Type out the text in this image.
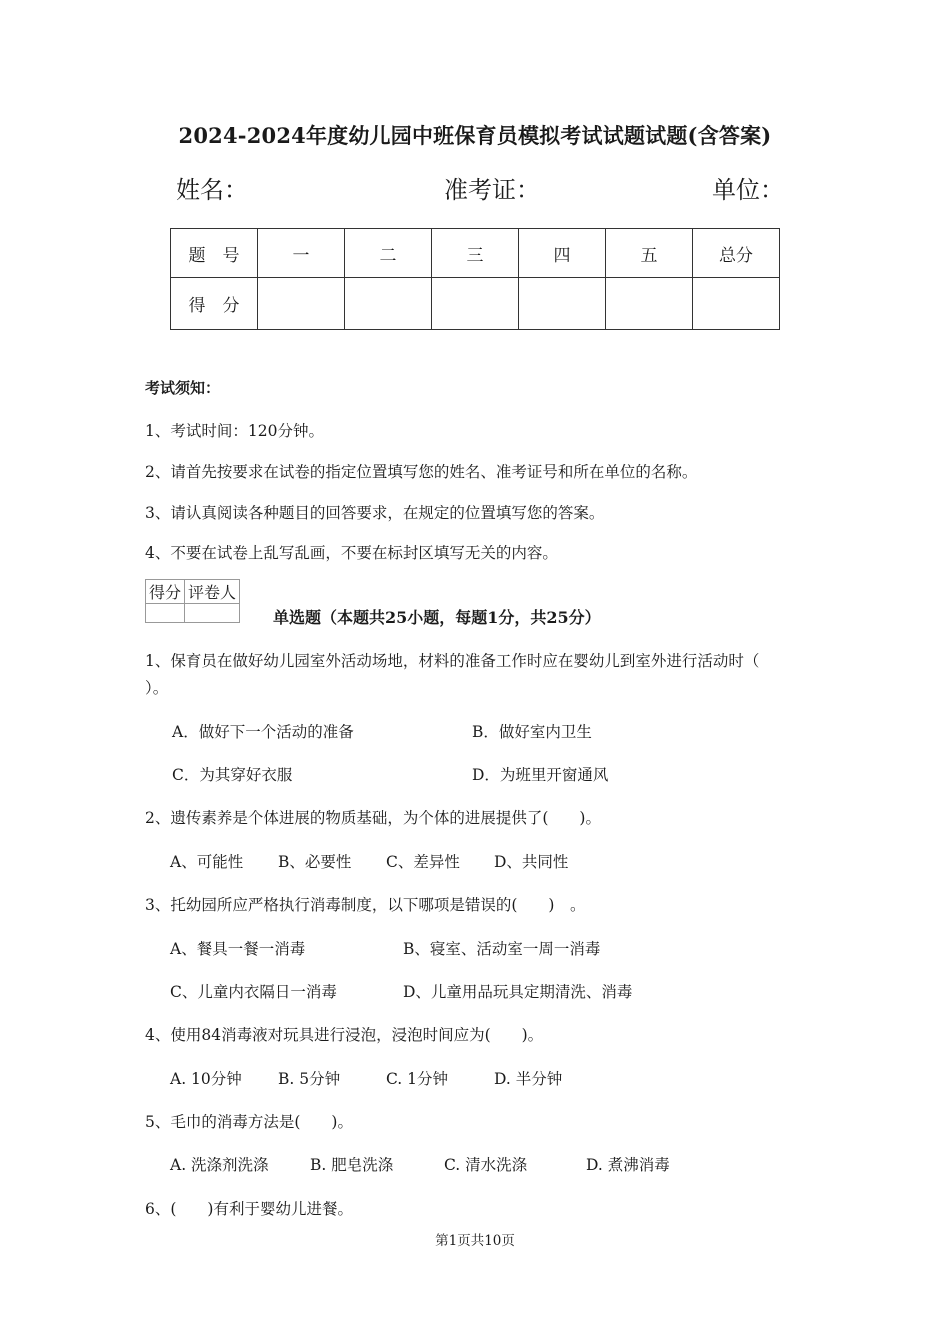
2024-2024年度幼儿园中班保育员模拟考试试题试题(含答案)
姓名：	准考证：	单位：
题　号	一	二	三	四	五	总分
得　分						
考试须知：
1、考试时间：120分钟。
2、请首先按要求在试卷的指定位置填写您的姓名、准考证号和所在单位的名称。
3、请认真阅读各种题目的回答要求，在规定的位置填写您的答案。
4、不要在试卷上乱写乱画，不要在标封区填写无关的内容。
得分	评卷人

单选题（本题共25小题，每题1分，共25分）
1、保育员在做好幼儿园室外活动场地，材料的准备工作时应在婴幼儿到室外进行活动时（
）。
A．做好下一个活动的准备	B．做好室内卫生
C．为其穿好衣服	D．为班里开窗通风
2、遗传素养是个体进展的物质基础，为个体的进展提供了(　　)。
A、可能性 B、必要性 C、差异性 D、共同性
3、托幼园所应严格执行消毒制度，以下哪项是错误的(　　)　。
A、餐具一餐一消毒	B、寝室、活动室一周一消毒
C、儿童内衣隔日一消毒	D、儿童用品玩具定期清洗、消毒
4、使用84消毒液对玩具进行浸泡，浸泡时间应为(　　)。
A. 10分钟 B. 5分钟	C. 1分钟	D. 半分钟
5、毛巾的消毒方法是(　　)。
A. 洗涤剂洗涤	B. 肥皂洗涤	C. 清水洗涤	D. 煮沸消毒
6、(　　)有利于婴幼儿进餐。
第1页共10页
